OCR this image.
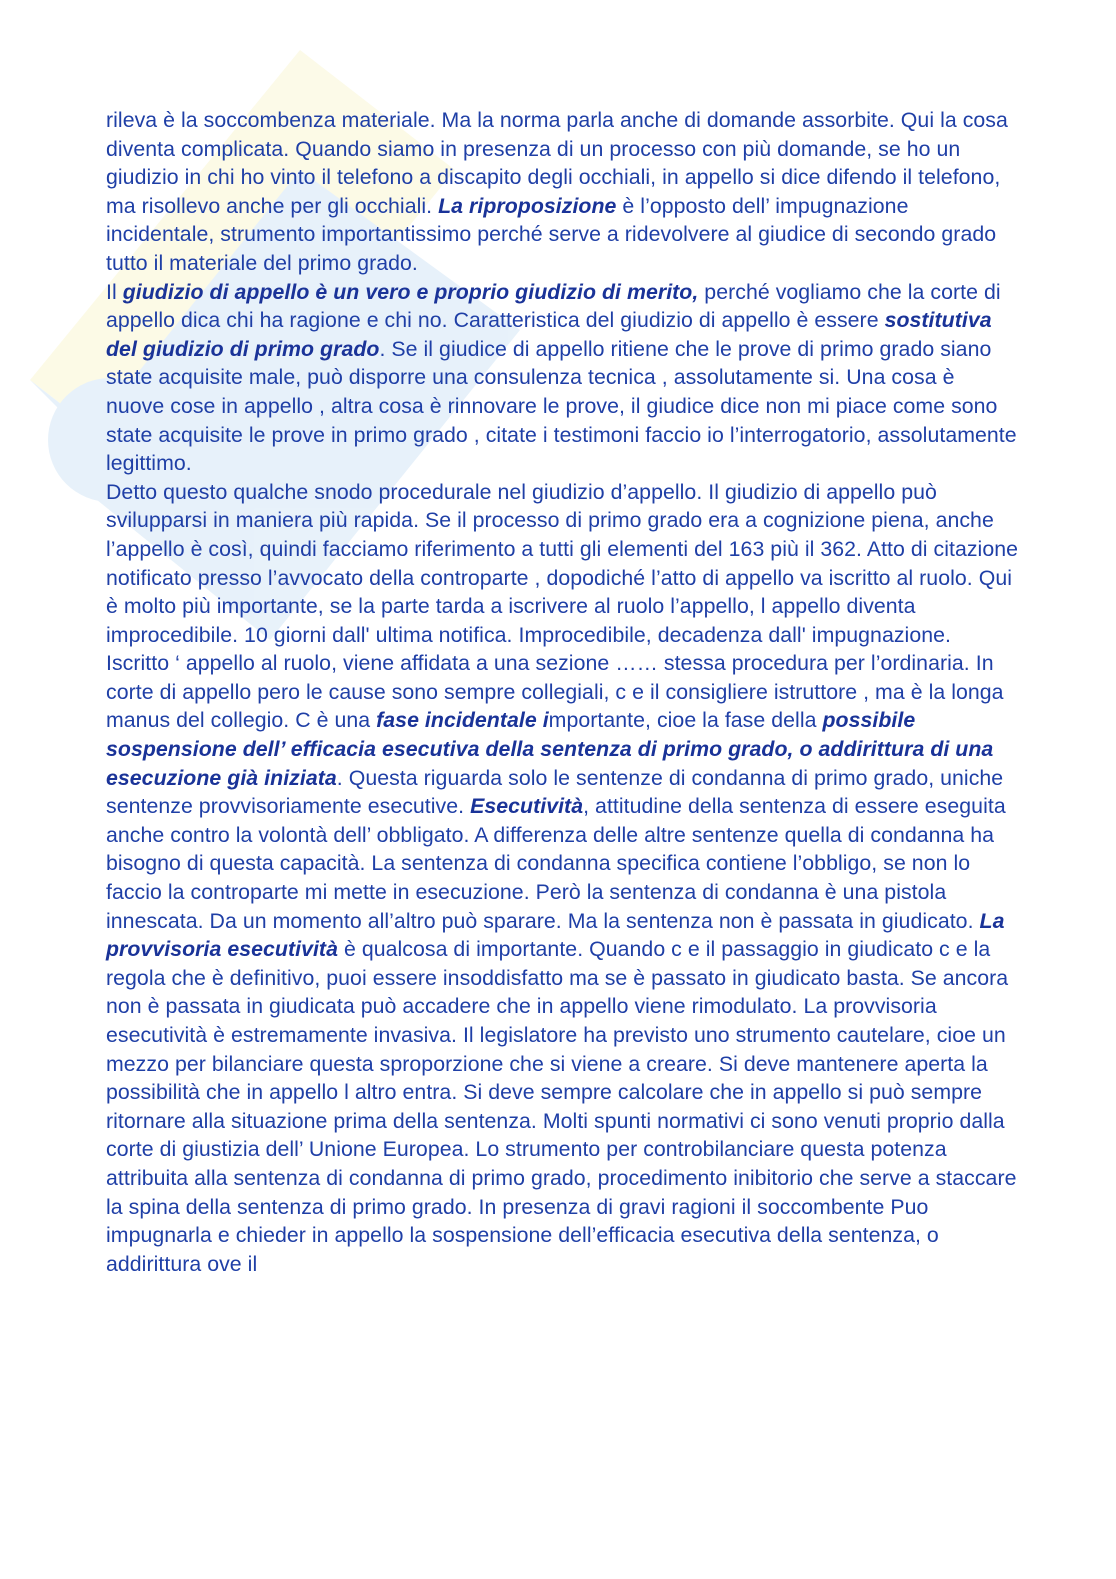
rileva è la soccombenza materiale. Ma la norma parla anche di domande assorbite. Qui la cosa diventa complicata. Quando siamo in presenza di un processo con più domande, se ho un giudizio in chi ho vinto il telefono a discapito degli occhiali, in appello si dice difendo il telefono, ma risollevo anche per gli occhiali. La riproposizione è l’opposto dell’ impugnazione incidentale, strumento importantissimo perché serve a ridevolvere al giudice di secondo grado tutto il materiale del primo grado.

Il giudizio di appello è un vero e proprio giudizio di merito, perché vogliamo che la corte di appello dica chi ha ragione e chi no. Caratteristica del giudizio di appello è essere sostitutiva del giudizio di primo grado. Se il giudice di appello ritiene che le prove di primo grado siano state acquisite male, può disporre una consulenza tecnica , assolutamente si. Una cosa è nuove cose in appello , altra cosa è rinnovare le prove, il giudice dice non mi piace come sono state acquisite le prove in primo grado , citate i testimoni faccio io l’interrogatorio, assolutamente legittimo.

Detto questo qualche snodo procedurale nel giudizio d’appello. Il giudizio di appello può svilupparsi in maniera più rapida. Se il processo di primo grado era a cognizione piena, anche l’appello è così, quindi facciamo riferimento a tutti gli elementi del 163 più il 362. Atto di citazione notificato presso l’avvocato della controparte , dopodiché l’atto di appello va iscritto al ruolo. Qui è molto più importante, se la parte tarda a iscrivere al ruolo l’appello, l appello diventa improcedibile. 10 giorni dall' ultima notifica. Improcedibile, decadenza dall' impugnazione. Iscritto ‘ appello al ruolo, viene affidata a una sezione …… stessa procedura per l’ordinaria. In corte di appello pero le cause sono sempre collegiali, c e il consigliere istruttore , ma è la longa manus del collegio. C è una fase incidentale importante, cioe la fase della possibile sospensione dell’ efficacia esecutiva della sentenza di primo grado, o addirittura di una esecuzione già iniziata. Questa riguarda solo le sentenze di condanna di primo grado, uniche sentenze provvisoriamente esecutive. Esecutività, attitudine della sentenza di essere eseguita anche contro la volontà dell’ obbligato. A differenza delle altre sentenze quella di condanna ha bisogno di questa capacità. La sentenza di condanna specifica contiene l’obbligo, se non lo faccio la controparte mi mette in esecuzione. Però la sentenza di condanna è una pistola innescata. Da un momento all’altro può sparare. Ma la sentenza non è passata in giudicato. La provvisoria esecutività è qualcosa di importante. Quando c e il passaggio in giudicato c e la regola che è definitivo, puoi essere insoddisfatto ma se è passato in giudicato basta. Se ancora non è passata in giudicata può accadere che in appello viene rimodulato. La provvisoria esecutività è estremamente invasiva. Il legislatore ha previsto uno strumento cautelare, cioe un mezzo per bilanciare questa sproporzione che si viene a creare. Si deve mantenere aperta la possibilità che in appello l altro entra. Si deve sempre calcolare che in appello si può sempre ritornare alla situazione prima della sentenza. Molti spunti normativi ci sono venuti proprio dalla corte di giustizia dell’ Unione Europea. Lo strumento per controbilanciare questa potenza attribuita alla sentenza di condanna di primo grado, procedimento inibitorio che serve a staccare la spina della sentenza di primo grado. In presenza di gravi ragioni il soccombente Puo impugnarla e chieder in appello la sospensione dell’efficacia esecutiva della sentenza, o addirittura ove il
